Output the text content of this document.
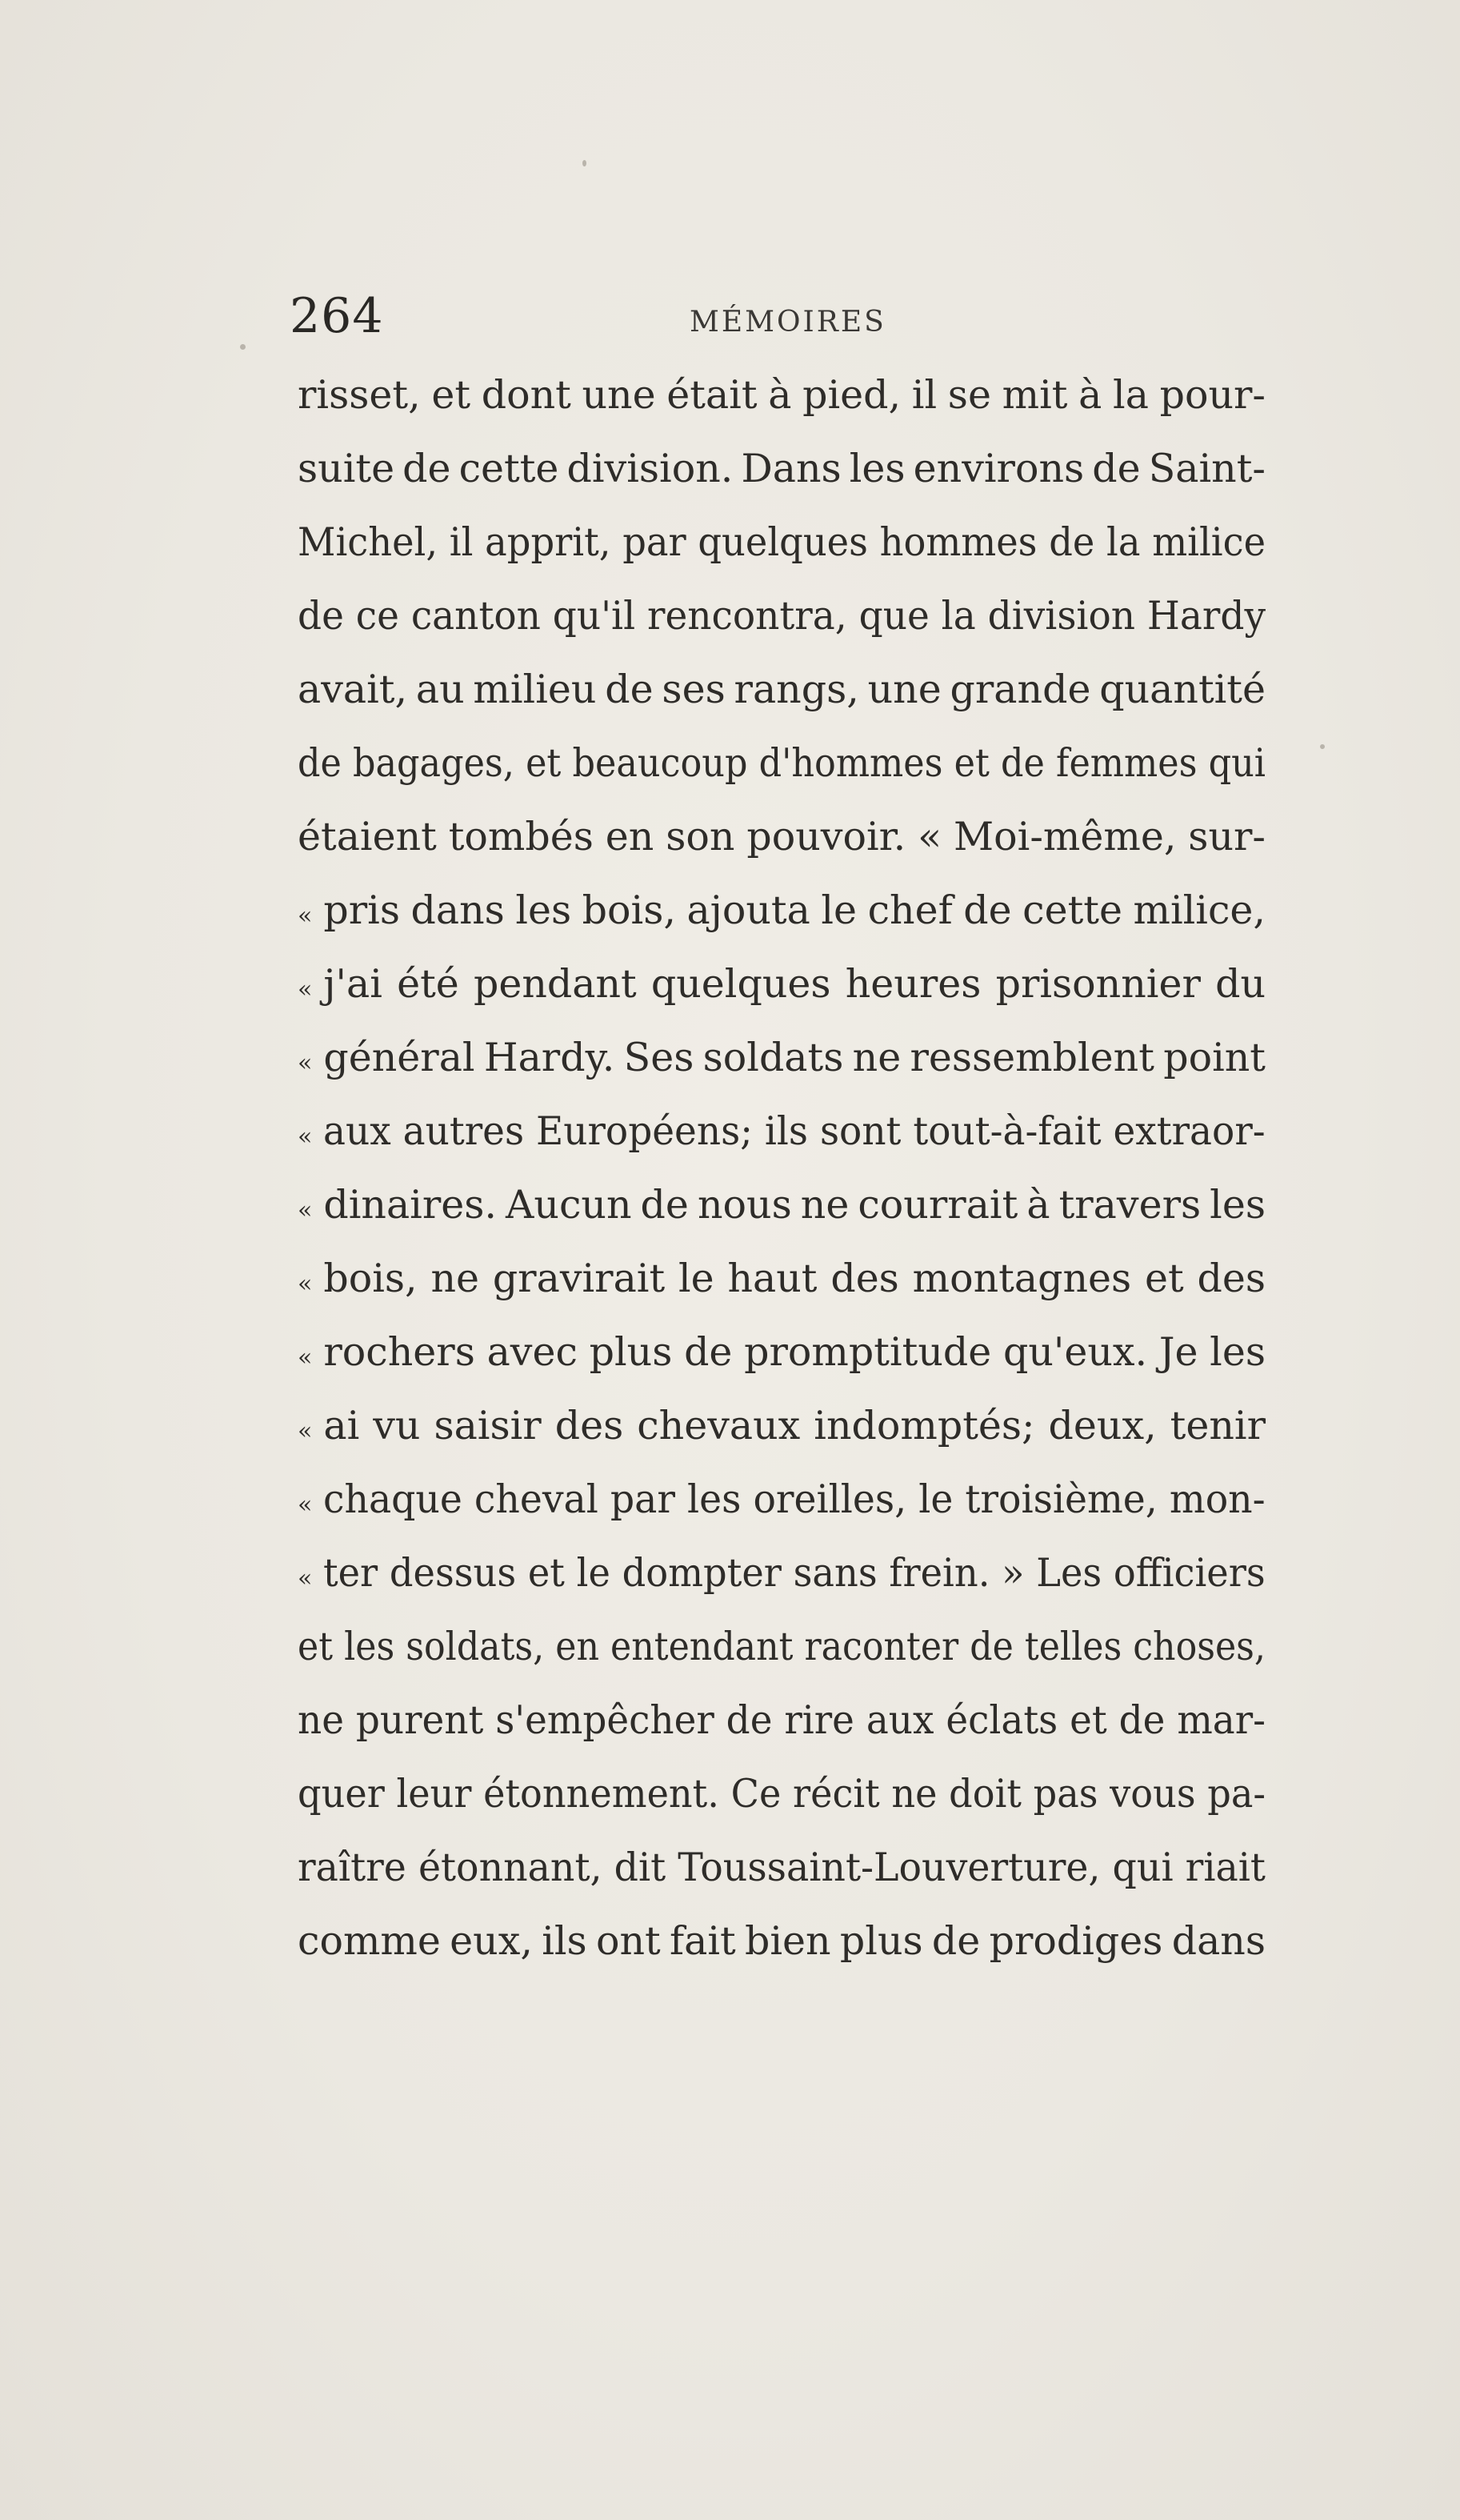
264	MÉMOIRES
risset, et dont une était à pied, il se mit à la pour-
suite de cette division. Dans les environs de Saint-
Michel, il apprit, par quelques hommes de la milice
de ce canton qu'il rencontra, que la division Hardy
avait, au milieu de ses rangs, une grande quantité
de bagages, et beaucoup d'hommes et de femmes qui
étaient tombés en son pouvoir. « Moi-même, sur-
« pris dans les bois, ajouta le chef de cette milice,
« j'ai été pendant quelques heures prisonnier du
« général Hardy. Ses soldats ne ressemblent point
« aux autres Européens; ils sont tout-à-fait extraor-
« dinaires. Aucun de nous ne courrait à travers les
« bois, ne gravirait le haut des montagnes et des
« rochers avec plus de promptitude qu'eux. Je les
« ai vu saisir des chevaux indomptés; deux, tenir
« chaque cheval par les oreilles, le troisième, mon-
« ter dessus et le dompter sans frein. » Les officiers
et les soldats, en entendant raconter de telles choses,
ne purent s'empêcher de rire aux éclats et de mar-
quer leur étonnement. Ce récit ne doit pas vous pa-
raître étonnant, dit Toussaint-Louverture, qui riait
comme eux, ils ont fait bien plus de prodiges dans
